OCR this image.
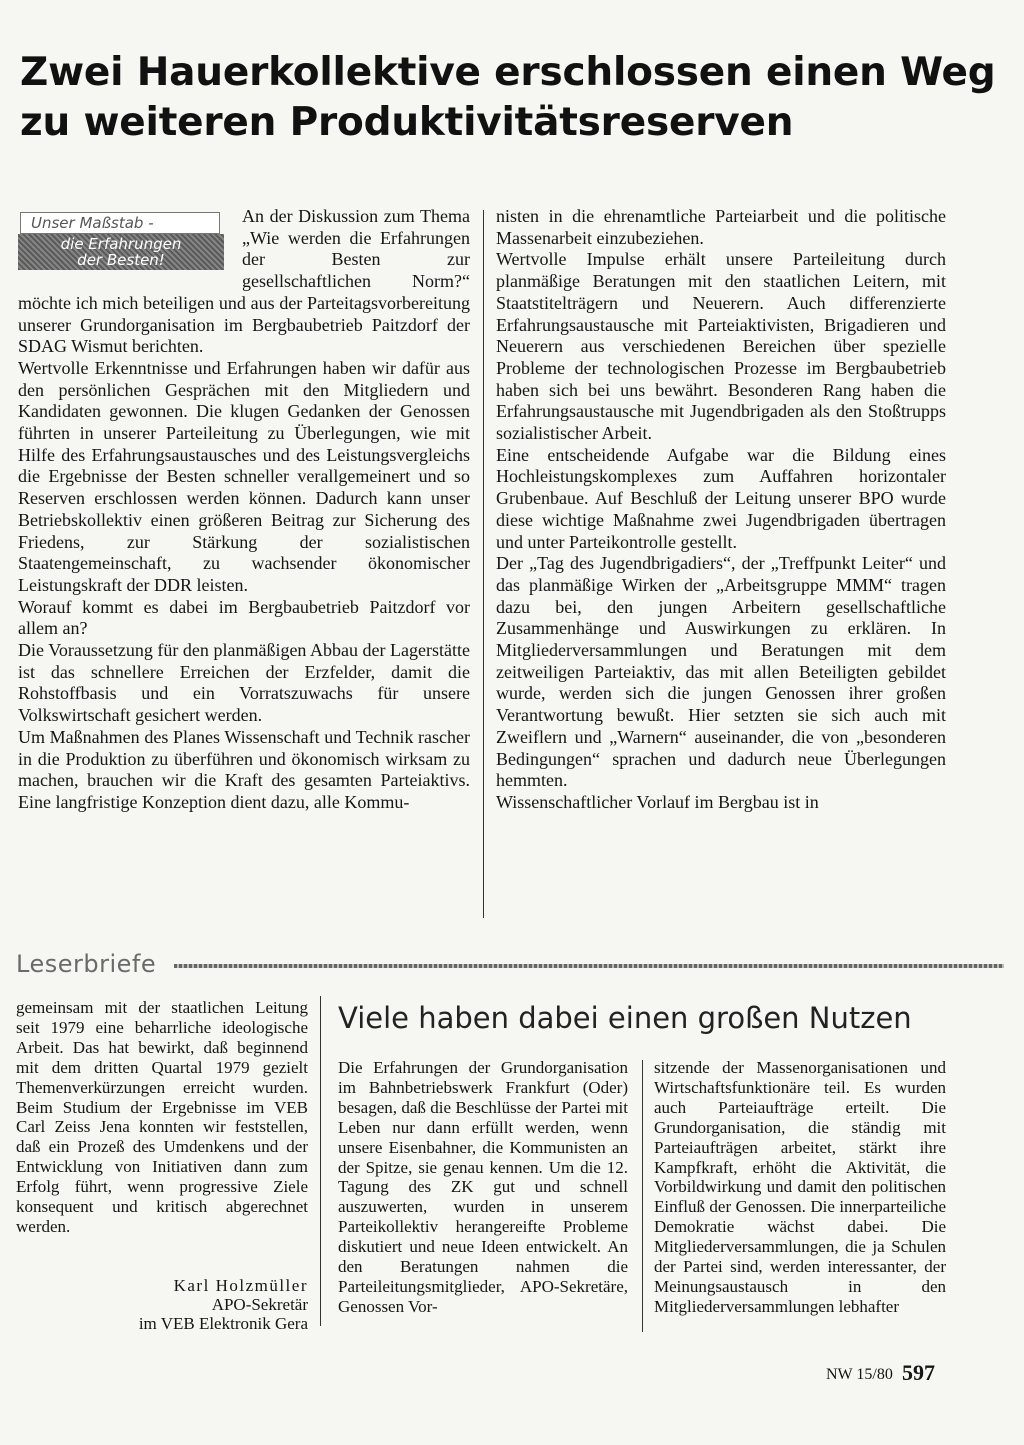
Zwei Hauerkollektive erschlossen einen Weg zu weiteren Produktivitätsreserven
Unser Maßstab -
die Erfahrungen
der Besten!

An der Diskussion zum Thema „Wie werden die Erfahrungen der Besten zur gesellschaftlichen Norm?“ möchte ich mich beteiligen und aus der Parteitagsvorbereitung unserer Grundorganisation im Bergbaubetrieb Paitzdorf der SDAG Wismut berichten.

Wertvolle Erkenntnisse und Erfahrungen haben wir dafür aus den persönlichen Gesprächen mit den Mitgliedern und Kandidaten gewonnen. Die klugen Gedanken der Genossen führten in unserer Parteileitung zu Überlegungen, wie mit Hilfe des Erfahrungsaustausches und des Leistungsvergleichs die Ergebnisse der Besten schneller verallgemeinert und so Reserven erschlossen werden können. Dadurch kann unser Betriebskollektiv einen größeren Beitrag zur Sicherung des Friedens, zur Stärkung der sozialistischen Staatengemeinschaft, zu wachsender ökonomischer Leistungskraft der DDR leisten.

Worauf kommt es dabei im Bergbaubetrieb Paitzdorf vor allem an?

Die Voraussetzung für den planmäßigen Abbau der Lagerstätte ist das schnellere Erreichen der Erzfelder, damit die Rohstoffbasis und ein Vorratszuwachs für unsere Volkswirtschaft gesichert werden.

Um Maßnahmen des Planes Wissenschaft und Technik rascher in die Produktion zu überführen und ökonomisch wirksam zu machen, brauchen wir die Kraft des gesamten Parteiaktivs. Eine langfristige Konzeption dient dazu, alle Kommu-

nisten in die ehrenamtliche Parteiarbeit und die politische Massenarbeit einzubeziehen.

Wertvolle Impulse erhält unsere Parteileitung durch planmäßige Beratungen mit den staatlichen Leitern, mit Staatstitelträgern und Neuerern. Auch differenzierte Erfahrungsaustausche mit Parteiaktivisten, Brigadieren und Neuerern aus verschiedenen Bereichen über spezielle Probleme der technologischen Prozesse im Bergbaubetrieb haben sich bei uns bewährt. Besonderen Rang haben die Erfahrungsaustausche mit Jugendbrigaden als den Stoßtrupps sozialistischer Arbeit.

Eine entscheidende Aufgabe war die Bildung eines Hochleistungskomplexes zum Auffahren horizontaler Grubenbaue. Auf Beschluß der Leitung unserer BPO wurde diese wichtige Maßnahme zwei Jugendbrigaden übertragen und unter Parteikontrolle gestellt.

Der „Tag des Jugendbrigadiers“, der „Treffpunkt Leiter“ und das planmäßige Wirken der „Arbeitsgruppe MMM“ tragen dazu bei, den jungen Arbeitern gesellschaftliche Zusammenhänge und Auswirkungen zu erklären. In Mitgliederversammlungen und Beratungen mit dem zeitweiligen Parteiaktiv, das mit allen Beteiligten gebildet wurde, werden sich die jungen Genossen ihrer großen Verantwortung bewußt. Hier setzten sie sich auch mit Zweiflern und „Warnern“ auseinander, die von „besonderen Bedingungen“ sprachen und dadurch neue Überlegungen hemmten.

Wissenschaftlicher Vorlauf im Bergbau ist in

Leserbriefe
gemeinsam mit der staatlichen Leitung seit 1979 eine beharrliche ideologische Arbeit. Das hat bewirkt, daß beginnend mit dem dritten Quartal 1979 gezielt Themenverkürzungen erreicht wurden. Beim Studium der Ergebnisse im VEB Carl Zeiss Jena konnten wir feststellen, daß ein Prozeß des Umdenkens und der Entwicklung von Initiativen dann zum Erfolg führt, wenn progressive Ziele konsequent und kritisch abgerechnet werden.
Karl Holzmüller
APO-Sekretär
im VEB Elektronik Gera
Viele haben dabei einen großen Nutzen
Die Erfahrungen der Grundorganisation im Bahnbetriebswerk Frankfurt (Oder) besagen, daß die Beschlüsse der Partei mit Leben nur dann erfüllt werden, wenn unsere Eisenbahner, die Kommunisten an der Spitze, sie genau kennen. Um die 12. Tagung des ZK gut und schnell auszuwerten, wurden in unserem Parteikollektiv herangereifte Probleme diskutiert und neue Ideen entwickelt. An den Beratungen nahmen die Parteileitungsmitglieder, APO-Sekretäre, Genossen Vor-
sitzende der Massenorganisationen und Wirtschaftsfunktionäre teil. Es wurden auch Parteiaufträge erteilt. Die Grundorganisation, die ständig mit Parteiaufträgen arbeitet, stärkt ihre Kampfkraft, erhöht die Aktivität, die Vorbildwirkung und damit den politischen Einfluß der Genossen. Die innerparteiliche Demokratie wächst dabei. Die Mitgliederversammlungen, die ja Schulen der Partei sind, werden interessanter, der Meinungsaustausch in den Mitgliederversammlungen lebhafter
NW 15/80 597
